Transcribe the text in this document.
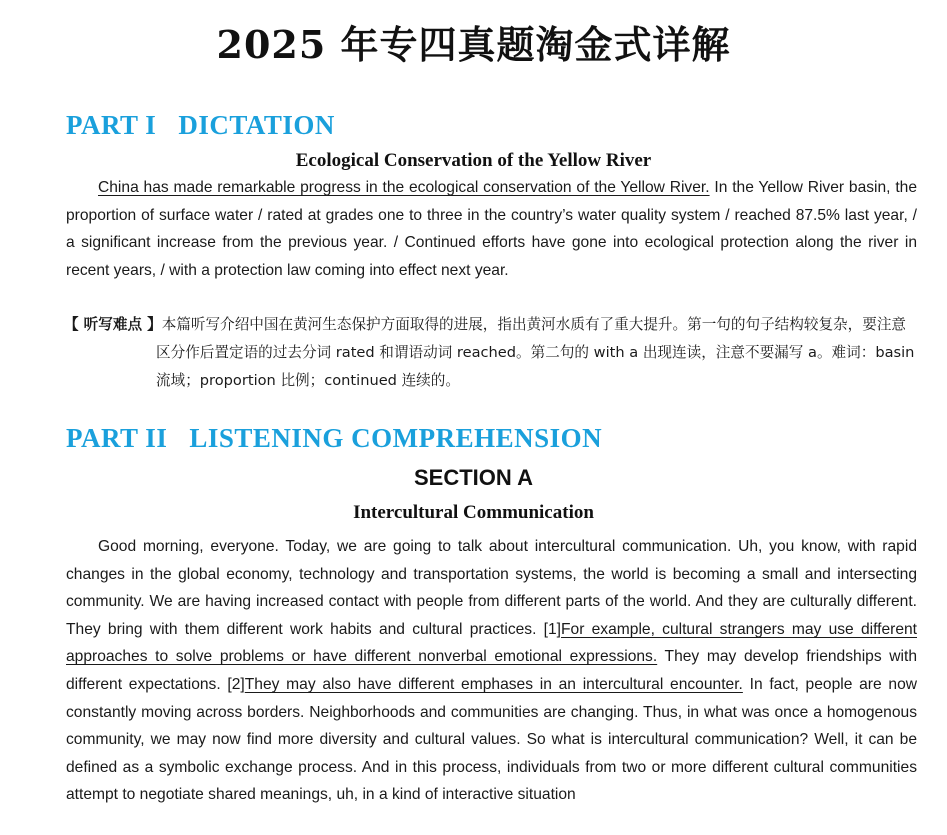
2025 年专四真题淘金式详解
PART I DICTATION
Ecological Conservation of the Yellow River
China has made remarkable progress in the ecological conservation of the Yellow River. In the Yellow River basin, the proportion of surface water / rated at grades one to three in the country’s water quality system / reached 87.5% last year, / a significant increase from the previous year. / Continued efforts have gone into ecological protection along the river in recent years, / with a protection law coming into effect next year.
【 听写难点 】本篇听写介绍中国在黄河生态保护方面取得的进展，指出黄河水质有了重大提升。第一句的句子结构较复杂，要注意区分作后置定语的过去分词 rated 和谓语动词 reached。第二句的 with a 出现连读，注意不要漏写 a。难词：basin 流域；proportion 比例；continued 连续的。
PART II LISTENING COMPREHENSION
SECTION A
Intercultural Communication
Good morning, everyone. Today, we are going to talk about intercultural communication. Uh, you know, with rapid changes in the global economy, technology and transportation systems, the world is becoming a small and intersecting community. We are having increased contact with people from different parts of the world. And they are culturally different. They bring with them different work habits and cultural practices. [1]For example, cultural strangers may use different approaches to solve problems or have different nonverbal emotional expressions. They may develop friendships with different expectations. [2]They may also have different emphases in an intercultural encounter. In fact, people are now constantly moving across borders. Neighborhoods and communities are changing. Thus, in what was once a homogenous community, we may now find more diversity and cultural values. So what is intercultural communication? Well, it can be defined as a symbolic exchange process. And in this process, individuals from two or more different cultural communities attempt to negotiate shared meanings, uh, in a kind of interactive situation
